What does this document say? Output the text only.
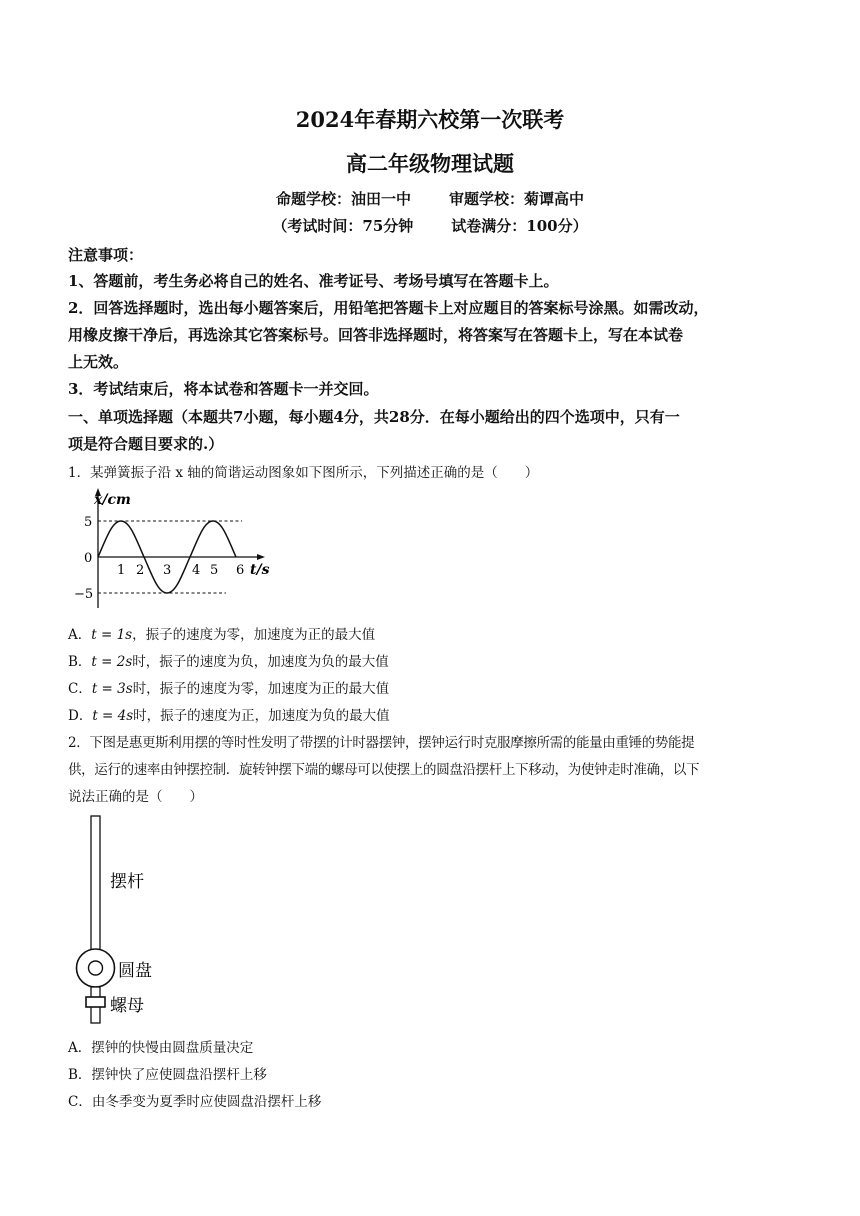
2024年春期六校第一次联考
高二年级物理试题
命题学校：油田一中	审题学校：菊谭高中
（考试时间：75分钟	试卷满分：100分）
注意事项：
1、答题前，考生务必将自己的姓名、准考证号、考场号填写在答题卡上。
2．回答选择题时，选出每小题答案后，用铅笔把答题卡上对应题目的答案标号涂黑。如需改动，
用橡皮擦干净后，再选涂其它答案标号。回答非选择题时，将答案写在答题卡上，写在本试卷
上无效。
3．考试结束后，将本试卷和答题卡一并交回。
一、单项选择题（本题共7小题，每小题4分，共28分．在每小题给出的四个选项中，只有一
项是符合题目要求的.）
1．某弹簧振子沿 x 轴的简谐运动图象如下图所示，下列描述正确的是（　　）
x/cm
5
0
−5
1 2 3 4 5 6 t/s
A．t = 1s，振子的速度为零，加速度为正的最大值
B．t = 2s时，振子的速度为负，加速度为负的最大值
C．t = 3s时，振子的速度为零，加速度为正的最大值
D．t = 4s时，振子的速度为正，加速度为负的最大值
2．下图是惠更斯利用摆的等时性发明了带摆的计时器摆钟，摆钟运行时克服摩擦所需的能量由重锤的势能提
供，运行的速率由钟摆控制．旋转钟摆下端的螺母可以使摆上的圆盘沿摆杆上下移动，为使钟走时准确，以下
说法正确的是（　　）
摆杆
圆盘
螺母
A．摆钟的快慢由圆盘质量决定
B．摆钟快了应使圆盘沿摆杆上移
C．由冬季变为夏季时应使圆盘沿摆杆上移
